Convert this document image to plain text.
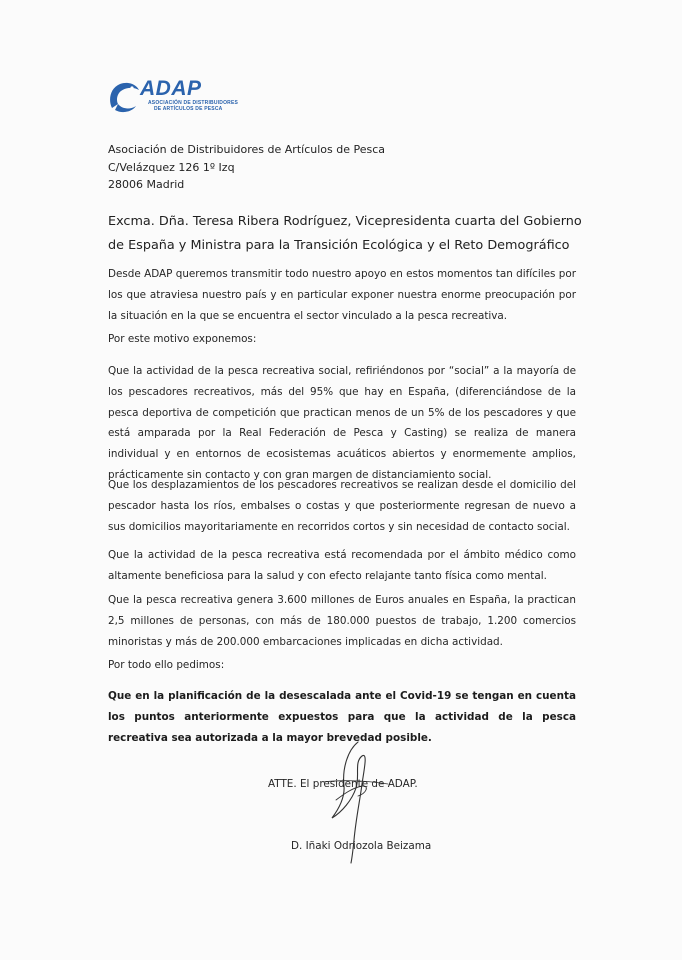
ADAP
ASOCIACIÓN DE DISTRIBUIDORES
DE ARTÍCULOS DE PESCA
Asociación de Distribuidores de Artículos de Pesca
C/Velázquez 126 1º Izq
28006 Madrid
Excma. Dña. Teresa Ribera Rodríguez, Vicepresidenta cuarta del Gobierno
de España y Ministra para la Transición Ecológica y el Reto Demográfico

Desde ADAP queremos transmitir todo nuestro apoyo en estos momentos tan difíciles por los que atraviesa nuestro país y en particular exponer nuestra enorme preocupación por la situación en la que se encuentra el sector vinculado a la pesca recreativa.

Por este motivo exponemos:

Que la actividad de la pesca recreativa social, refiriéndonos por “social” a la mayoría de los pescadores recreativos, más del 95% que hay en España, (diferenciándose de la pesca deportiva de competición que practican menos de un 5% de los pescadores y que está amparada por la Real Federación de Pesca y Casting) se realiza de manera individual y en entornos de ecosistemas acuáticos abiertos y enormemente amplios, prácticamente sin contacto y con gran margen de distanciamiento social.

Que los desplazamientos de los pescadores recreativos se realizan desde el domicilio del pescador hasta los ríos, embalses o costas y que posteriormente regresan de nuevo a sus domicilios mayoritariamente en recorridos cortos y sin necesidad de contacto social.

Que la actividad de la pesca recreativa está recomendada por el ámbito médico como altamente beneficiosa para la salud y con efecto relajante tanto física como mental.

Que la pesca recreativa genera 3.600 millones de Euros anuales en España, la practican 2,5 millones de personas, con más de 180.000 puestos de trabajo, 1.200 comercios minoristas y más de 200.000 embarcaciones implicadas en dicha actividad.

Por todo ello pedimos:

Que en la planificación de la desescalada ante el Covid-19 se tengan en cuenta los puntos anteriormente expuestos para que la actividad de la pesca recreativa sea autorizada a la mayor brevedad posible.

ATTE. El presidente de ADAP.
D. Iñaki Odriozola Beizama
